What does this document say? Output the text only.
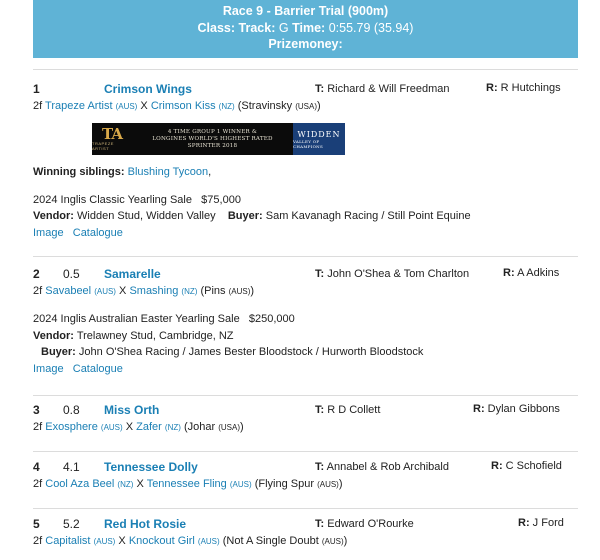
Race 9 - Barrier Trial (900m)
Class: Track: G Time: 0:55.79 (35.94)
Prizemoney:
1	Crimson Wings	T: Richard & Will Freedman	R: R Hutchings
2f Trapeze Artist (AUS) X Crimson Kiss (NZ) (Stravinsky (USA))
Winning siblings: Blushing Tycoon,
2024 Inglis Classic Yearling Sale $75,000
Vendor: Widden Stud, Widden Valley Buyer: Sam Kavanagh Racing / Still Point Equine
Image Catalogue
TA
TRAPEZE ARTIST
4 TIME GROUP 1 WINNER &
LONGINES WORLD'S HIGHEST RATED
SPRINTER 2018
WIDDEN
VALLEY OF CHAMPIONS
2 0.5 Samarelle	T: John O'Shea & Tom Charlton	R: A Adkins
2f Savabeel (AUS) X Smashing (NZ) (Pins (AUS))
2024 Inglis Australian Easter Yearling Sale $250,000
Vendor: Trelawney Stud, Cambridge, NZ
Buyer: John O'Shea Racing / James Bester Bloodstock / Hurworth Bloodstock
Image Catalogue
3 0.8 Miss Orth	T: R D Collett	R: Dylan Gibbons
2f Exosphere (AUS) X Zafer (NZ) (Johar (USA))
4 4.1 Tennessee Dolly	T: Annabel & Rob Archibald	R: C Schofield
2f Cool Aza Beel (NZ) X Tennessee Fling (AUS) (Flying Spur (AUS))
5 5.2 Red Hot Rosie	T: Edward O'Rourke	R: J Ford
2f Capitalist (AUS) X Knockout Girl (AUS) (Not A Single Doubt (AUS))
